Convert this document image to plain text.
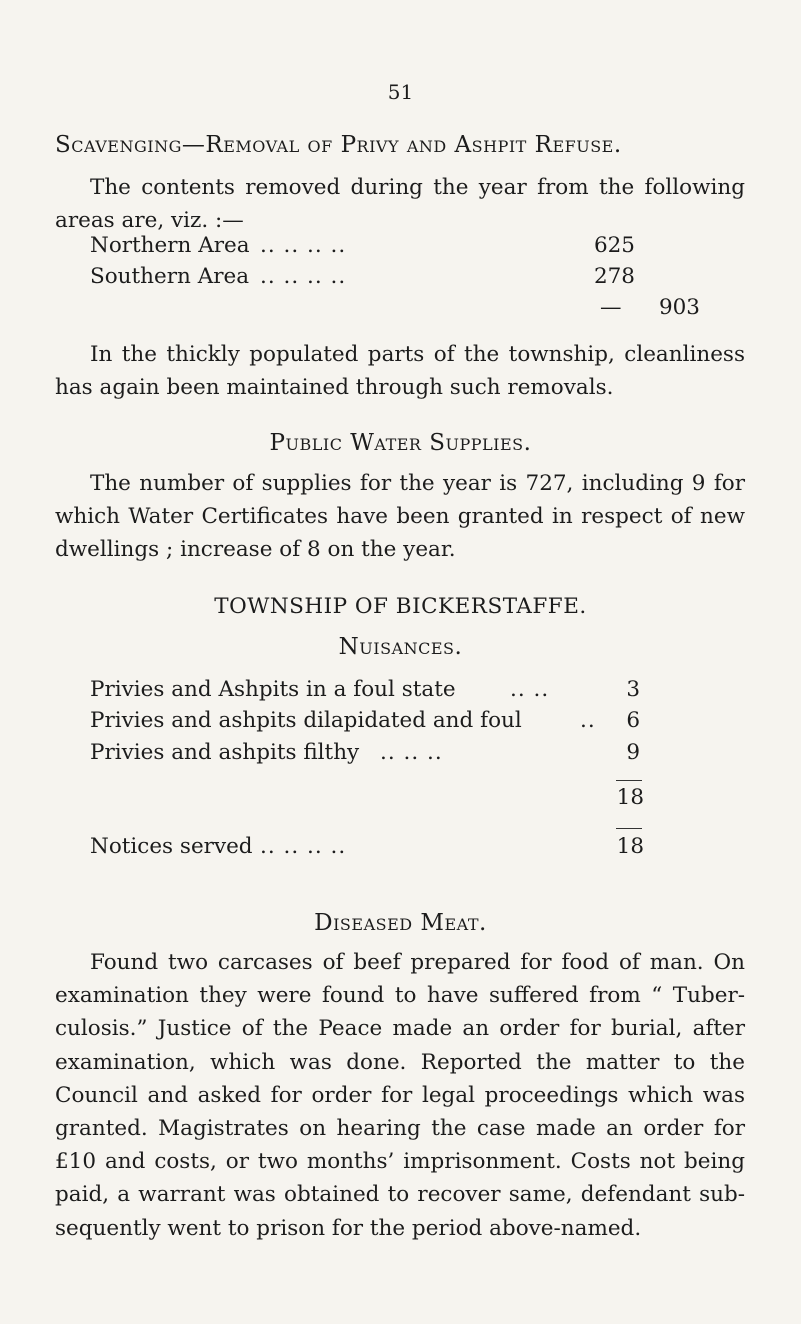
51
Scavenging—Removal of Privy and Ashpit Refuse.
The contents removed during the year from the following areas are, viz. :—
Northern Area .. .. .. ..	625
Southern Area .. .. .. ..	278
—	903
In the thickly populated parts of the township, cleanliness has again been maintained through such removals.
Public Water Supplies.
The number of supplies for the year is 727, including 9 for which Water Certificates have been granted in respect of new dwellings ; increase of 8 on the year.
TOWNSHIP OF BICKERSTAFFE.
Nuisances.
Privies and Ashpits in a foul state	.. ..	3
Privies and ashpits dilapidated and foul	..	6
Privies and ashpits filthy .. .. ..	9
18
Notices served .. .. .. ..	18
Diseased Meat.
Found two carcases of beef prepared for food of man. On examination they were found to have suffered from “ Tuber-culosis.” Justice of the Peace made an order for burial, after examination, which was done. Reported the matter to the Council and asked for order for legal proceedings which was granted. Magistrates on hearing the case made an order for £10 and costs, or two months’ imprisonment. Costs not being paid, a warrant was obtained to recover same, defendant sub-sequently went to prison for the period above-named.
